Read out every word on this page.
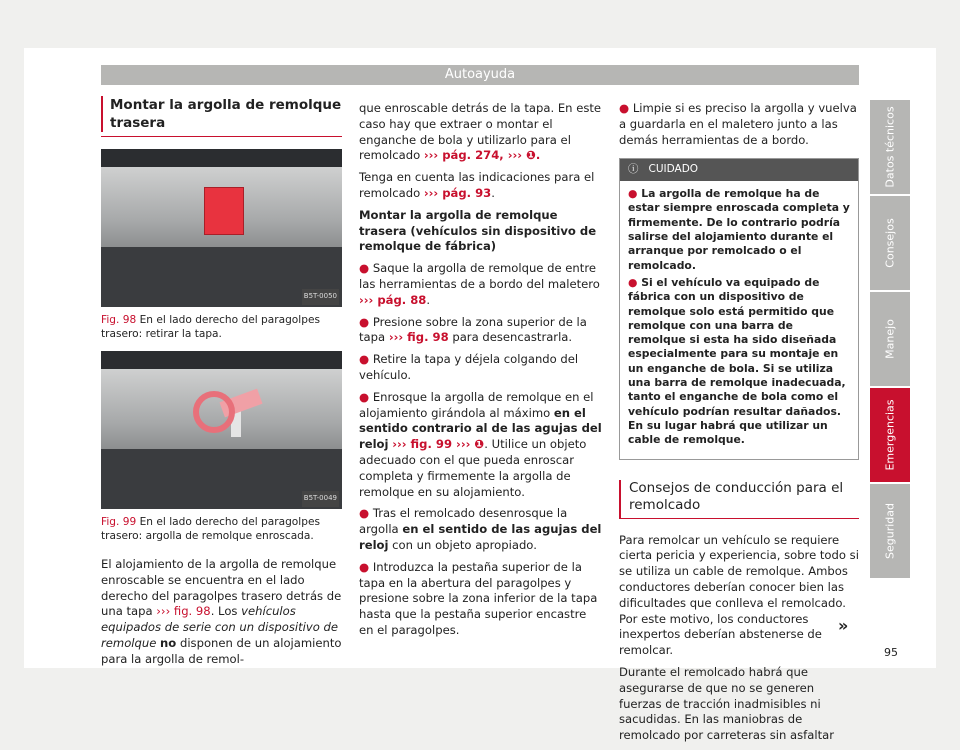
Autoayuda
Montar la argolla de remolque trasera
B5T-0050
Fig. 98 En el lado derecho del paragolpes trasero: retirar la tapa.
B5T-0049
Fig. 99 En el lado derecho del paragolpes trasero: argolla de remolque enroscada.

El alojamiento de la argolla de remolque enroscable se encuentra en el lado derecho del paragolpes trasero detrás de una tapa ››› fig. 98. Los vehículos equipados de serie con un dispositivo de remolque no disponen de un alojamiento para la argolla de remol-

que enroscable detrás de la tapa. En este caso hay que extraer o montar el enganche de bola y utilizarlo para el remolcado ››› pág. 274, ››› ❶.

Tenga en cuenta las indicaciones para el remolcado ››› pág. 93.

Montar la argolla de remolque trasera (vehículos sin dispositivo de remolque de fábrica)

● Saque la argolla de remolque de entre las herramientas de a bordo del maletero ››› pág. 88.

● Presione sobre la zona superior de la tapa ››› fig. 98 para desencastrarla.

● Retire la tapa y déjela colgando del vehículo.

● Enrosque la argolla de remolque en el alojamiento girándola al máximo en el sentido contrario al de las agujas del reloj ››› fig. 99 ››› ❶. Utilice un objeto adecuado con el que pueda enroscar completa y firmemente la argolla de remolque en su alojamiento.

● Tras el remolcado desenrosque la argolla en el sentido de las agujas del reloj con un objeto apropiado.

● Introduzca la pestaña superior de la tapa en la abertura del paragolpes y presione sobre la zona inferior de la tapa hasta que la pestaña superior encastre en el paragolpes.

● Limpie si es preciso la argolla y vuelva a guardarla en el maletero junto a las demás herramientas de a bordo.

ⓘ CUIDADO

● La argolla de remolque ha de estar siempre enroscada completa y firmemente. De lo contrario podría salirse del alojamiento durante el arranque por remolcado o el remolcado.

● Si el vehículo va equipado de fábrica con un dispositivo de remolque solo está permitido que remolque con una barra de remolque si esta ha sido diseñada especialmente para su montaje en un enganche de bola. Si se utiliza una barra de remolque inadecuada, tanto el enganche de bola como el vehículo podrían resultar dañados. En su lugar habrá que utilizar un cable de remolque.

Consejos de conducción para el remolcado

Para remolcar un vehículo se requiere cierta pericia y experiencia, sobre todo si se utiliza un cable de remolque. Ambos conductores deberían conocer bien las dificultades que conlleva el remolcado. Por este motivo, los conductores inexpertos deberían abstenerse de remolcar.

Durante el remolcado habrá que asegurarse de que no se generen fuerzas de tracción inadmisibles ni sacudidas. En las maniobras de remolcado por carreteras sin asfaltar

»
Datos técnicos
Consejos
Manejo
Emergencias
Seguridad
95
